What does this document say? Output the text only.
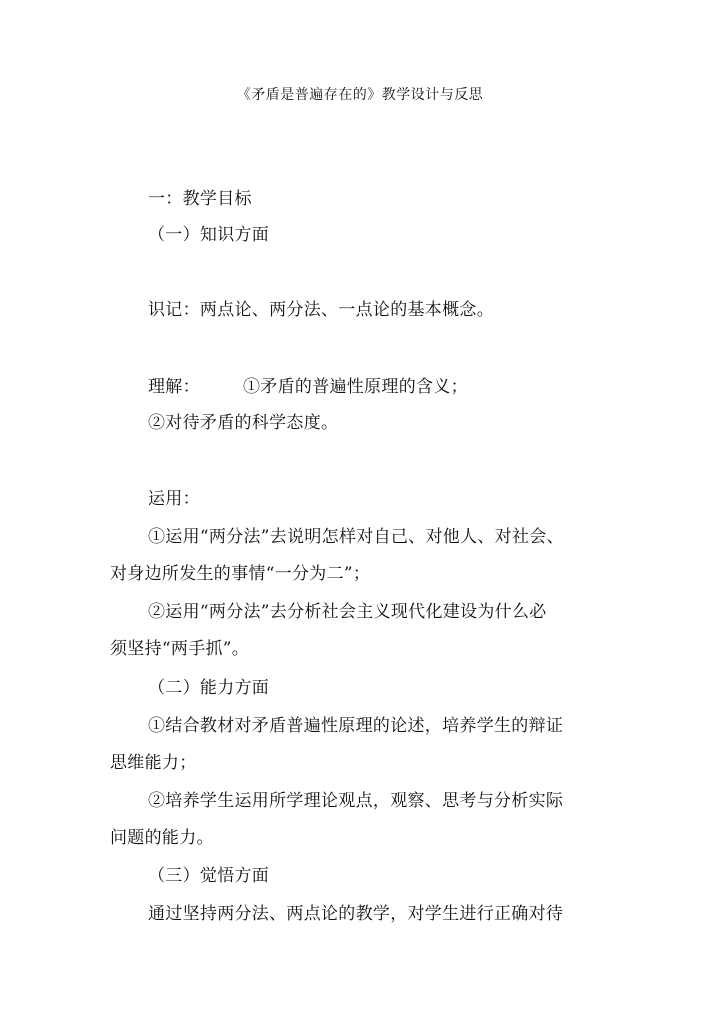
《矛盾是普遍存在的》教学设计与反思
一：教学目标
（一）知识方面
识记：两点论、两分法、一点论的基本概念。
理解：	①矛盾的普遍性原理的含义；
②对待矛盾的科学态度。
运用：
①运用“两分法”去说明怎样对自己、对他人、对社会、
对身边所发生的事情“一分为二”；
②运用“两分法”去分析社会主义现代化建设为什么必
须坚持“两手抓”。
（二）能力方面
①结合教材对矛盾普遍性原理的论述，培养学生的辩证
思维能力；
②培养学生运用所学理论观点，观察、思考与分析实际
问题的能力。
（三）觉悟方面
通过坚持两分法、两点论的教学，对学生进行正确对待
